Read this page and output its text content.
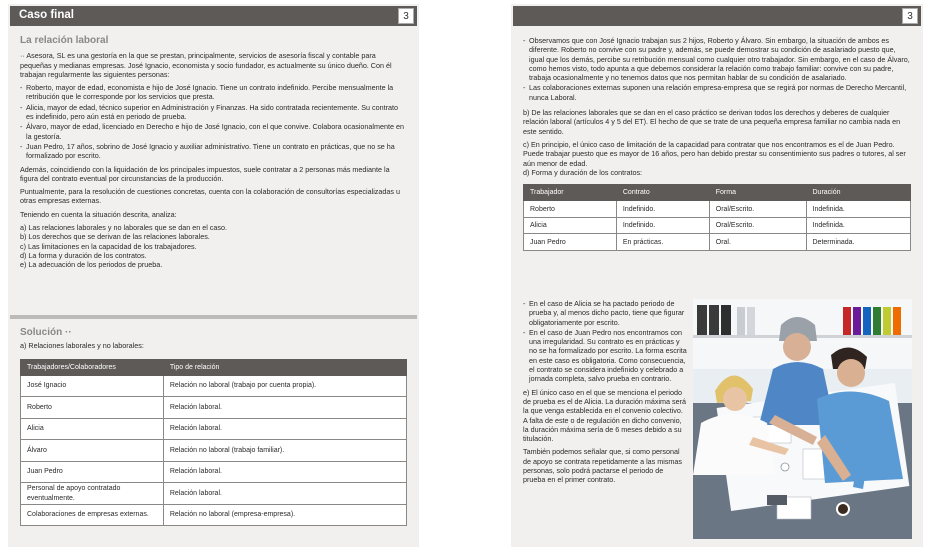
Caso final	3
La relación laboral

·· Asesora, SL es una gestoría en la que se prestan, principalmente, servicios de asesoría fiscal y contable para pequeñas y medianas empresas. José Ignacio, economista y socio fundador, es actualmente su único dueño. Con él trabajan regularmente las siguientes personas:

- Roberto, mayor de edad, economista e hijo de José Ignacio. Tiene un contrato indefinido. Percibe mensualmente la retribución que le corresponde por los servicios que presta.
- Alicia, mayor de edad, técnico superior en Administración y Finanzas. Ha sido contratada recientemente. Su contrato es indefinido, pero aún está en periodo de prueba.
- Álvaro, mayor de edad, licenciado en Derecho e hijo de José Ignacio, con el que convive. Colabora ocasionalmente en la gestoría.
- Juan Pedro, 17 años, sobrino de José Ignacio y auxiliar administrativo. Tiene un contrato en prácticas, que no se ha formalizado por escrito.

Además, coincidiendo con la liquidación de los principales impuestos, suele contratar a 2 personas más mediante la figura del contrato eventual por circunstancias de la producción.

Puntualmente, para la resolución de cuestiones concretas, cuenta con la colaboración de consultorías especializadas u otras empresas externas.

Teniendo en cuenta la situación descrita, analiza:

a) Las relaciones laborales y no laborales que se dan en el caso.
b) Los derechos que se derivan de las relaciones laborales.
c) Las limitaciones en la capacidad de los trabajadores.
d) La forma y duración de los contratos.
e) La adecuación de los periodos de prueba.
Solución ··

a) Relaciones laborales y no laborales:

Trabajadores/Colaboradores	Tipo de relación
José Ignacio	Relación no laboral (trabajo por cuenta propia).
Roberto	Relación laboral.
Alicia	Relación laboral.
Álvaro	Relación no laboral (trabajo familiar).
Juan Pedro	Relación laboral.
Personal de apoyo contratado eventualmente.	Relación laboral.
Colaboraciones de empresas externas.	Relación no laboral (empresa-empresa).
3
- Observamos que con José Ignacio trabajan sus 2 hijos, Roberto y Álvaro. Sin embargo, la situación de ambos es diferente. Roberto no convive con su padre y, además, se puede demostrar su condición de asalariado puesto que, igual que los demás, percibe su retribución mensual como cualquier otro trabajador. Sin embargo, en el caso de Álvaro, como hemos visto, todo apunta a que debemos considerar la relación como trabajo familiar: convive con su padre, trabaja ocasionalmente y no tenemos datos que nos permitan hablar de su condición de asalariado.
- Las colaboraciones externas suponen una relación empresa-empresa que se regirá por normas de Derecho Mercantil, nunca Laboral.

b) De las relaciones laborales que se dan en el caso práctico se derivan todos los derechos y deberes de cualquier relación laboral (artículos 4 y 5 del ET). El hecho de que se trate de una pequeña empresa familiar no cambia nada en este sentido.

c) En principio, el único caso de limitación de la capacidad para contratar que nos encontramos es el de Juan Pedro. Puede trabajar puesto que es mayor de 16 años, pero han debido prestar su consentimiento sus padres o tutores, al ser aún menor de edad.

d) Forma y duración de los contratos:

Trabajador	Contrato	Forma	Duración
Roberto	Indefinido.	Oral/Escrito.	Indefinida.
Alicia	Indefinido.	Oral/Escrito.	Indefinida.
Juan Pedro	En prácticas.	Oral.	Determinada.
- En el caso de Alicia se ha pactado periodo de prueba y, al menos dicho pacto, tiene que figurar obligatoriamente por escrito.
- En el caso de Juan Pedro nos encontramos con una irregularidad. Su contrato es en prácticas y no se ha formalizado por escrito. La forma escrita en este caso es obligatoria. Como consecuencia, el contrato se considera indefinido y celebrado a jornada completa, salvo prueba en contrario.

e) El único caso en el que se menciona el periodo de prueba es el de Alicia. La duración máxima será la que venga establecida en el convenio colectivo. A falta de este o de regulación en dicho convenio, la duración máxima sería de 6 meses debido a su titulación.

También podemos señalar que, si como personal de apoyo se contrata repetidamente a las mismas personas, solo podrá pactarse el periodo de prueba en el primer contrato.
